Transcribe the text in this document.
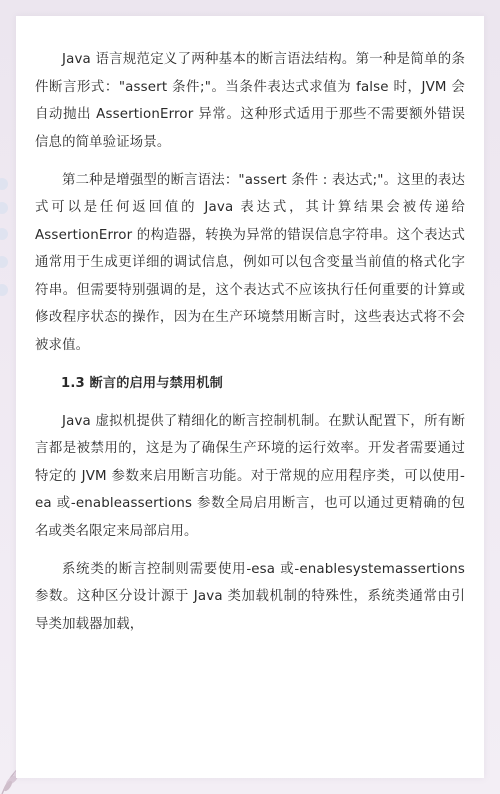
Java 语言规范定义了两种基本的断言语法结构。第一种是简单的条件断言形式："assert 条件;"。当条件表达式求值为 false 时，JVM 会自动抛出 AssertionError 异常。这种形式适用于那些不需要额外错误信息的简单验证场景。

第二种是增强型的断言语法："assert 条件 : 表达式;"。这里的表达式可以是任何返回值的 Java 表达式，其计算结果会被传递给 AssertionError 的构造器，转换为异常的错误信息字符串。这个表达式通常用于生成更详细的调试信息，例如可以包含变量当前值的格式化字符串。但需要特别强调的是，这个表达式不应该执行任何重要的计算或修改程序状态的操作，因为在生产环境禁用断言时，这些表达式将不会被求值。

1.3 断言的启用与禁用机制

Java 虚拟机提供了精细化的断言控制机制。在默认配置下，所有断言都是被禁用的，这是为了确保生产环境的运行效率。开发者需要通过特定的 JVM 参数来启用断言功能。对于常规的应用程序类，可以使用-ea 或-enableassertions 参数全局启用断言，也可以通过更精确的包名或类名限定来局部启用。

系统类的断言控制则需要使用-esa 或-enablesystemassertions 参数。这种区分设计源于 Java 类加载机制的特殊性，系统类通常由引导类加载器加载，
